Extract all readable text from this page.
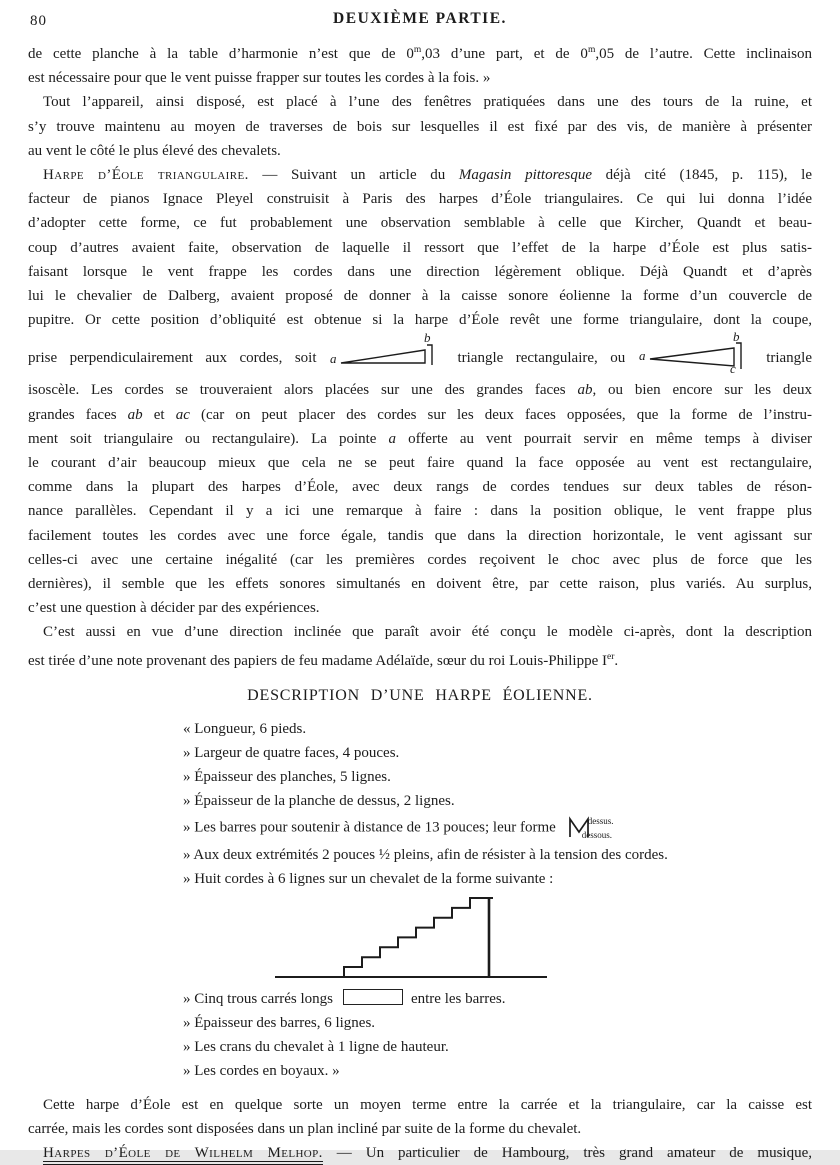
80	DEUXIÈME PARTIE.
de cette planche à la table d’harmonie n’est que de 0$^m$,03 d’une part, et de 0$^m$,05 de l’autre. Cette inclinaison
est nécessaire pour que le vent puisse frapper sur toutes les cordes à la fois. »
Tout l’appareil, ainsi disposé, est placé à l’une des fenêtres pratiquées dans une des tours de la ruine, et
s’y trouve maintenu au moyen de traverses de bois sur lesquelles il est fixé par des vis, de manière à présenter
au vent le côté le plus élevé des chevalets.
Harpe d’Éole triangulaire. — Suivant un article du Magasin pittoresque déjà cité (1845, p. 115), le
facteur de pianos Ignace Pleyel construisit à Paris des harpes d’Éole triangulaires. Ce qui lui donna l’idée
d’adopter cette forme, ce fut probablement une observation semblable à celle que Kircher, Quandt et beau-
coup d’autres avaient faite, observation de laquelle il ressort que l’effet de la harpe d’Éole est plus satis-
faisant lorsque le vent frappe les cordes dans une direction légèrement oblique. Déjà Quandt et d’après
lui le chevalier de Dalberg, avaient proposé de donner à la caisse sonore éolienne la forme d’un couvercle de
pupitre. Or cette position d’obliquité est obtenue si la harpe d’Éole revêt une forme triangulaire, dont la coupe,
prise perpendiculairement aux cordes, soit a
b
triangle rectangulaire, ou a
b
c
triangle
isoscèle. Les cordes se trouveraient alors placées sur une des grandes faces ab, ou bien encore sur les deux
grandes faces ab et ac (car on peut placer des cordes sur les deux faces opposées, que la forme de l’instru-
ment soit triangulaire ou rectangulaire). La pointe a offerte au vent pourrait servir en même temps à diviser
le courant d’air beaucoup mieux que cela ne se peut faire quand la face opposée au vent est rectangulaire,
comme dans la plupart des harpes d’Éole, avec deux rangs de cordes tendues sur deux tables de réson-
nance parallèles. Cependant il y a ici une remarque à faire : dans la position oblique, le vent frappe plus
facilement toutes les cordes avec une force égale, tandis que dans la direction horizontale, le vent agissant sur
celles-ci avec une certaine inégalité (car les premières cordes reçoivent le choc avec plus de force que les
dernières), il semble que les effets sonores simultanés en doivent être, par cette raison, plus variés. Au surplus,
c’est une question à décider par des expériences.
C’est aussi en vue d’une direction inclinée que paraît avoir été conçu le modèle ci-après, dont la description
est tirée d’une note provenant des papiers de feu madame Adélaïde, sœur du roi Louis-Philippe Ier.
DESCRIPTION D’UNE HARPE ÉOLIENNE.
« Longueur, 6 pieds.
» Largeur de quatre faces, 4 pouces.
» Épaisseur des planches, 5 lignes.
» Épaisseur de la planche de dessus, 2 lignes.
» Les barres pour soutenir à distance de 13 pouces; leur forme	dessus.
dessous.
» Aux deux extrémités 2 pouces ½ pleins, afin de résister à la tension des cordes.
» Huit cordes à 6 lignes sur un chevalet de la forme suivante :
» Cinq trous carrés longs	entre les barres.
» Épaisseur des barres, 6 lignes.
» Les crans du chevalet à 1 ligne de hauteur.
» Les cordes en boyaux. »
Cette harpe d’Éole est en quelque sorte un moyen terme entre la carrée et la triangulaire, car la caisse est
carrée, mais les cordes sont disposées dans un plan incliné par suite de la forme du chevalet.
Harpes d’Éole de Wilhelm Melhop. — Un particulier de Hambourg, très grand amateur de musique,
